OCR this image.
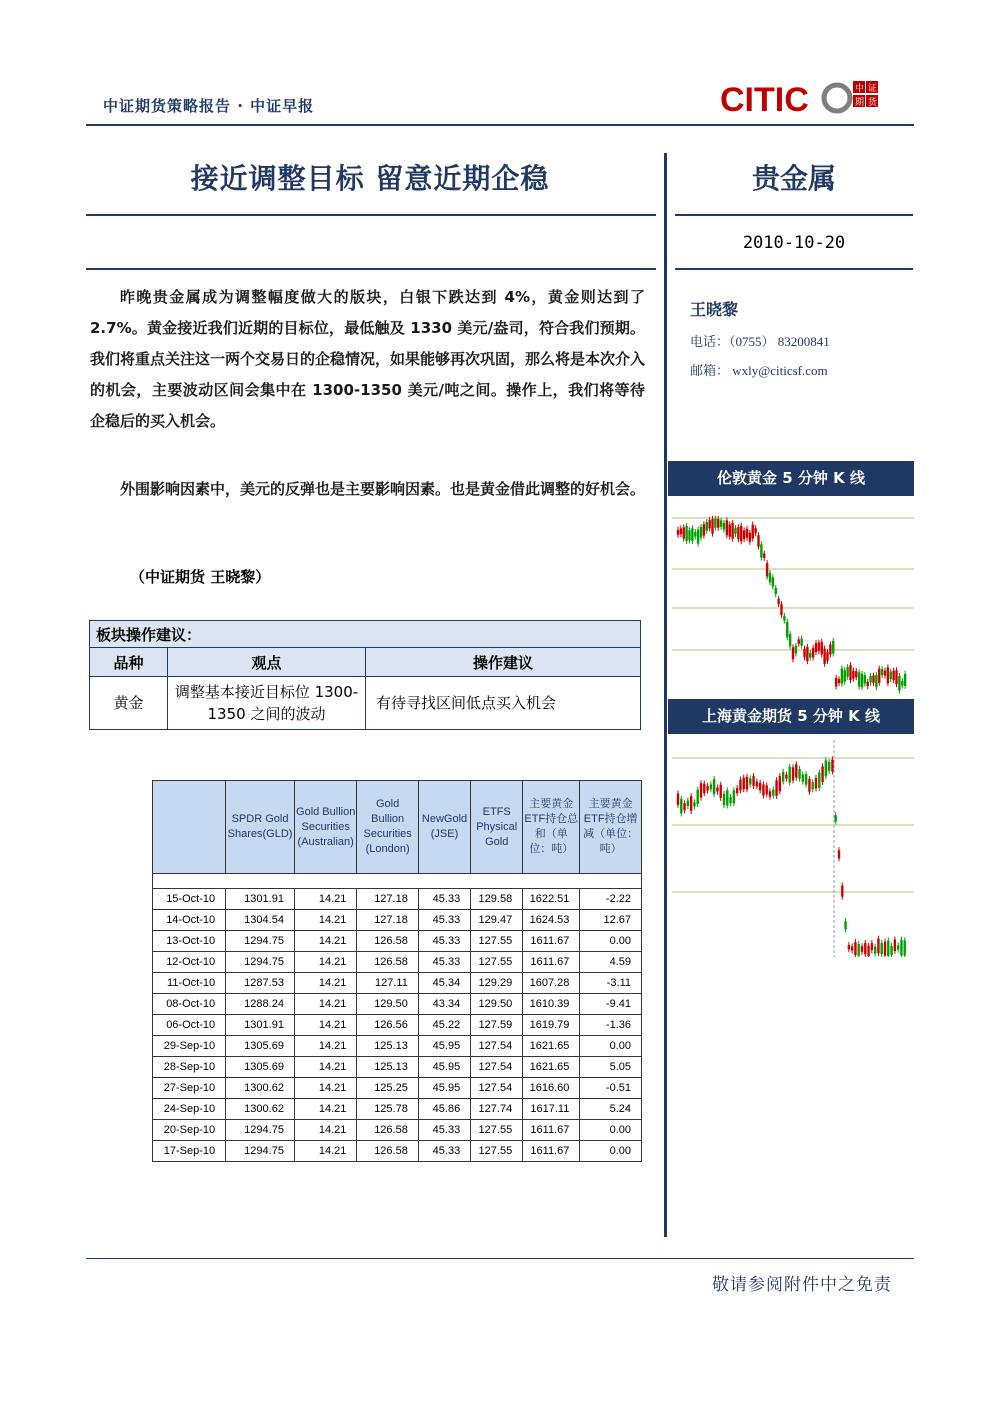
中证期货策略报告 · 中证早报	CITIC	中 证
期 货
接近调整目标 留意近期企稳	贵金属
2010-10-20
王晓黎
电话：（0755） 83200841
邮箱： wxly@citicsf.com

昨晚贵金属成为调整幅度做大的版块，白银下跌达到 4%，黄金则达到了 2.7%。黄金接近我们近期的目标位，最低触及 1330 美元/盎司，符合我们预期。我们将重点关注这一两个交易日的企稳情况，如果能够再次巩固，那么将是本次介入的机会，主要波动区间会集中在 1300-1350 美元/吨之间。操作上，我们将等待企稳后的买入机会。

外围影响因素中，美元的反弹也是主要影响因素。也是黄金借此调整的好机会。

（中证期货 王晓黎）
板块操作建议：		
品种	观点	操作建议
黄金	调整基本接近目标位 1300-1350 之间的波动	有待寻找区间低点买入机会
	SPDR Gold Shares(GLD)	Gold Bullion Securities (Australian)	Gold Bullion Securities (London)	NewGold (JSE)	ETFS Physical Gold	主要黄金ETF持仓总和（单位：吨）	主要黄金ETF持仓增减（单位：吨）

15-Oct-10	1301.91	14.21	127.18	45.33	129.58	1622.51	-2.22
14-Oct-10	1304.54	14.21	127.18	45.33	129.47	1624.53	12.67
13-Oct-10	1294.75	14.21	126.58	45.33	127.55	1611.67	0.00
12-Oct-10	1294.75	14.21	126.58	45.33	127.55	1611.67	4.59
11-Oct-10	1287.53	14.21	127.11	45.34	129.29	1607.28	-3.11
08-Oct-10	1288.24	14.21	129.50	43.34	129.50	1610.39	-9.41
06-Oct-10	1301.91	14.21	126.56	45.22	127.59	1619.79	-1.36
29-Sep-10	1305.69	14.21	125.13	45.95	127.54	1621.65	0.00
28-Sep-10	1305.69	14.21	125.13	45.95	127.54	1621.65	5.05
27-Sep-10	1300.62	14.21	125.25	45.95	127.54	1616.60	-0.51
24-Sep-10	1300.62	14.21	125.78	45.86	127.74	1617.11	5.24
20-Sep-10	1294.75	14.21	126.58	45.33	127.55	1611.67	0.00
17-Sep-10	1294.75	14.21	126.58	45.33	127.55	1611.67	0.00
伦敦黄金 5 分钟 K 线
上海黄金期货 5 分钟 K 线
敬请参阅附件中之免责
